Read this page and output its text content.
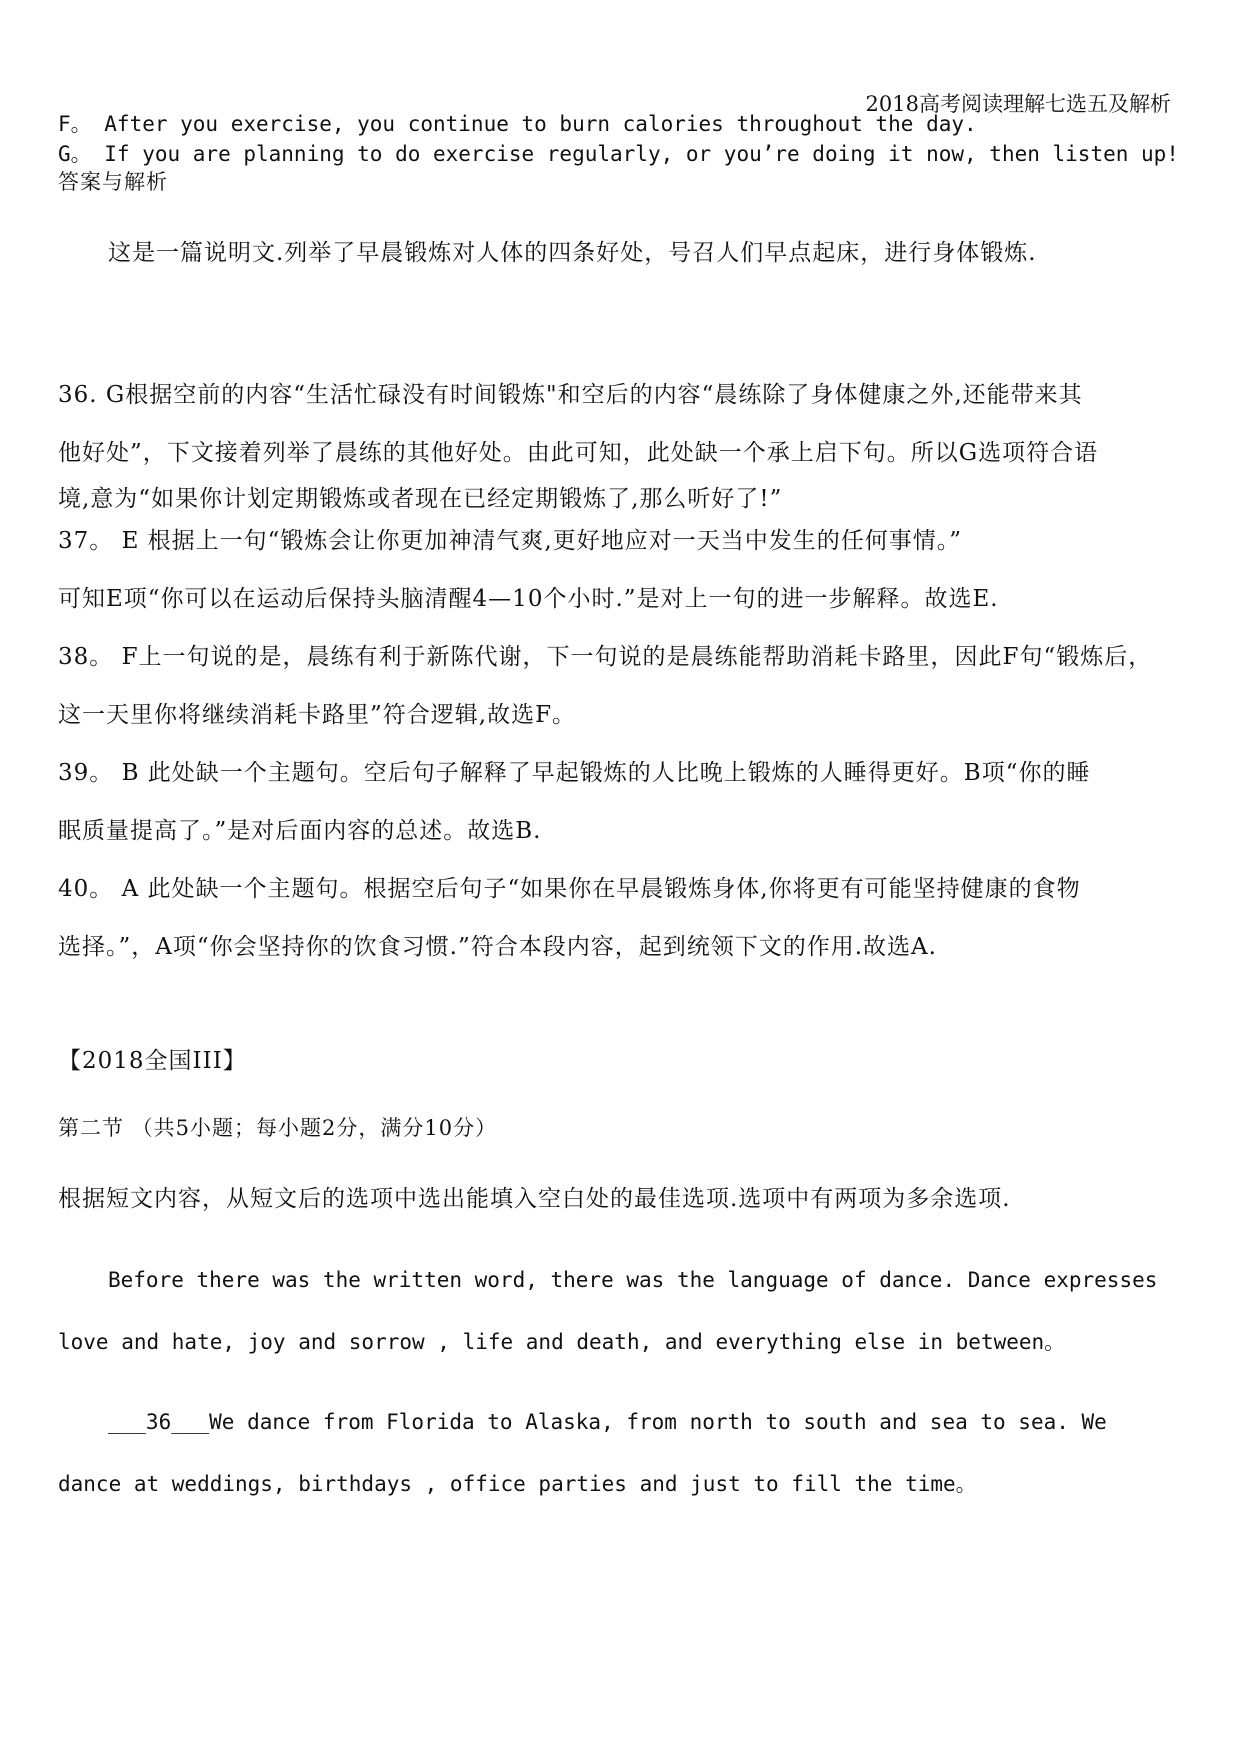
2018高考阅读理解七选五及解析
F。 After you exercise, you continue to burn calories throughout the day.
G。 If you are planning to do exercise regularly, or you’re doing it now, then listen up!
答案与解析
这是一篇说明文.列举了早晨锻炼对人体的四条好处，号召人们早点起床，进行身体锻炼.
36. G根据空前的内容“生活忙碌没有时间锻炼"和空后的内容“晨练除了身体健康之外,还能带来其
他好处”，下文接着列举了晨练的其他好处。由此可知，此处缺一个承上启下句。所以G选项符合语
境,意为“如果你计划定期锻炼或者现在已经定期锻炼了,那么听好了!”
37。 E 根据上一句“锻炼会让你更加神清气爽,更好地应对一天当中发生的任何事情。”
可知E项“你可以在运动后保持头脑清醒4—10个小时.”是对上一句的进一步解释。故选E.
38。 F上一句说的是，晨练有利于新陈代谢，下一句说的是晨练能帮助消耗卡路里，因此F句“锻炼后，
这一天里你将继续消耗卡路里”符合逻辑,故选F。
39。 B 此处缺一个主题句。空后句子解释了早起锻炼的人比晚上锻炼的人睡得更好。B项“你的睡
眠质量提高了。”是对后面内容的总述。故选B.
40。 A 此处缺一个主题句。根据空后句子“如果你在早晨锻炼身体,你将更有可能坚持健康的食物
选择。”，A项“你会坚持你的饮食习惯.”符合本段内容，起到统领下文的作用.故选A.
【2018全国III】
第二节 （共5小题；每小题2分，满分10分）
根据短文内容，从短文后的选项中选出能填入空白处的最佳选项.选项中有两项为多余选项.
Before there was the written word, there was the language of dance. Dance expresses
love and hate, joy and sorrow , life and death, and everything else in between。
___36___We dance from Florida to Alaska, from north to south and sea to sea. We
dance at weddings, birthdays , office parties and just to fill the time。
